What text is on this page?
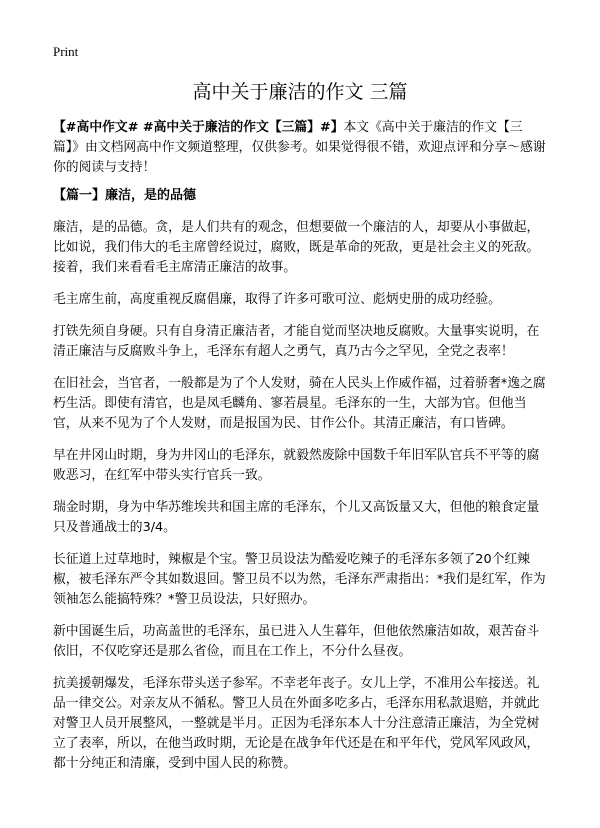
Print
高中关于廉洁的作文 三篇

【#高中作文# #高中关于廉洁的作文【三篇】#】本文《高中关于廉洁的作文【三篇】》由文档网高中作文频道整理，仅供参考。如果觉得很不错，欢迎点评和分享～感谢你的阅读与支持！

【篇一】廉洁，是的品德

廉洁，是的品德。贪，是人们共有的观念，但想要做一个廉洁的人，却要从小事做起，比如说，我们伟大的毛主席曾经说过，腐败，既是革命的死敌，更是社会主义的死敌。接着，我们来看看毛主席清正廉洁的故事。

毛主席生前，高度重视反腐倡廉，取得了许多可歌可泣、彪炳史册的成功经验。

打铁先须自身硬。只有自身清正廉洁者，才能自觉而坚决地反腐败。大量事实说明，在清正廉洁与反腐败斗争上，毛泽东有超人之勇气，真乃古今之罕见，全党之表率！

在旧社会，当官者，一般都是为了个人发财，骑在人民头上作威作福，过着骄奢*逸之腐朽生活。即使有清官，也是凤毛麟角、寥若晨星。毛泽东的一生，大部为官。但他当官，从来不见为了个人发财，而是报国为民、甘作公仆。其清正廉洁，有口皆碑。

早在井冈山时期，身为井冈山的毛泽东，就毅然废除中国数千年旧军队官兵不平等的腐败恶习，在红军中带头实行官兵一致。

瑞金时期，身为中华苏维埃共和国主席的毛泽东，个儿又高饭量又大，但他的粮食定量只及普通战士的3/4。

长征道上过草地时，辣椒是个宝。警卫员设法为酷爱吃辣子的毛泽东多领了20个红辣椒，被毛泽东严令其如数退回。警卫员不以为然，毛泽东严肃指出：*我们是红军，作为领袖怎么能搞特殊？*警卫员设法，只好照办。

新中国诞生后，功高盖世的毛泽东，虽已进入人生暮年，但他依然廉洁如故，艰苦奋斗依旧，不仅吃穿还是那么省俭，而且在工作上，不分什么昼夜。

抗美援朝爆发，毛泽东带头送子参军。不幸老年丧子。女儿上学，不准用公车接送。礼品一律交公。对亲友从不循私。警卫人员在外面多吃多占，毛泽东用私款退赔，并就此对警卫人员开展整风，一整就是半月。正因为毛泽东本人十分注意清正廉洁，为全党树立了表率，所以，在他当政时期，无论是在战争年代还是在和平年代，党风军风政风，都十分纯正和清廉，受到中国人民的称赞。
